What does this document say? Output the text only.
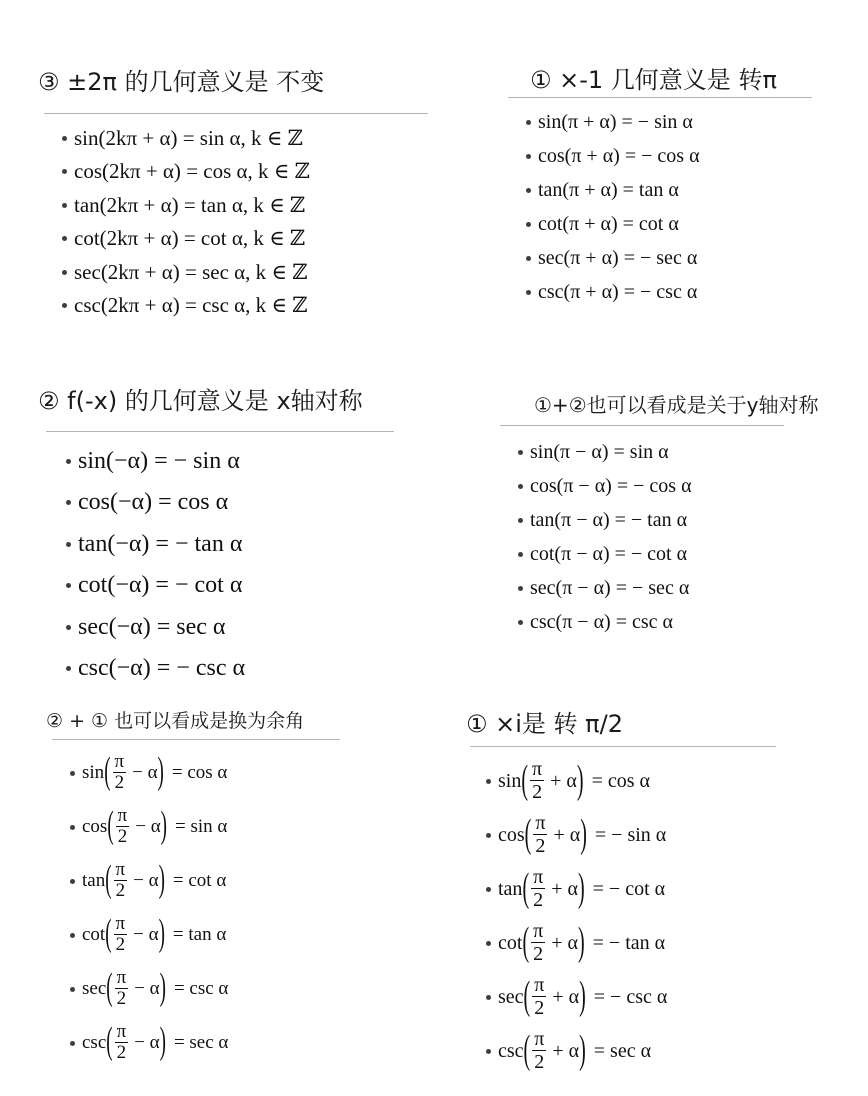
③ ±2π 的几何意义是 不变
sin(2kπ + α)
= sin α, k ∈ ℤ
cos(2kπ + α)
= cos α, k ∈ ℤ
tan(2kπ + α)
= tan α, k ∈ ℤ
cot(2kπ + α)
= cot α, k ∈ ℤ
sec(2kπ + α)
= sec α, k ∈ ℤ
csc(2kπ + α)
= csc α, k ∈ ℤ
① ×-1 几何意义是 转π
sin(π + α)
= − sin α
cos(π + α)
= − cos α
tan(π + α)
= tan α
cot(π + α)
= cot α
sec(π + α)
= − sec α
csc(π + α)
= − csc α
② f(-x) 的几何意义是 x轴对称
sin(−α)
= − sin α
cos(−α)
= cos α
tan(−α)
= − tan α
cot(−α)
= − cot α
sec(−α)
= sec α
csc(−α)
= − csc α
①+②也可以看成是关于y轴对称
sin(π − α)
= sin α
cos(π − α)
= − cos α
tan(π − α)
= − tan α
cot(π − α)
= − cot α
sec(π − α)
= − sec α
csc(π − α)
= csc α
② + ① 也可以看成是换为余角
sin ( $\frac{\pi}{2} - \alpha$ ) = cos α
cos ( $\frac{\pi}{2} - \alpha$ ) = sin α
tan ( $\frac{\pi}{2} - \alpha$ ) = cot α
cot ( $\frac{\pi}{2} - \alpha$ ) = tan α
sec ( $\frac{\pi}{2} - \alpha$ ) = csc α
csc ( $\frac{\pi}{2} - \alpha$ ) = sec α
① ×i是 转 π/2
sin ( $\frac{\pi}{2} + \alpha$ ) = cos α
cos ( $\frac{\pi}{2} + \alpha$ ) = − sin α
tan ( $\frac{\pi}{2} + \alpha$ ) = − cot α
cot ( $\frac{\pi}{2} + \alpha$ ) = − tan α
sec ( $\frac{\pi}{2} + \alpha$ ) = − csc α
csc ( $\frac{\pi}{2} + \alpha$ ) = sec α
